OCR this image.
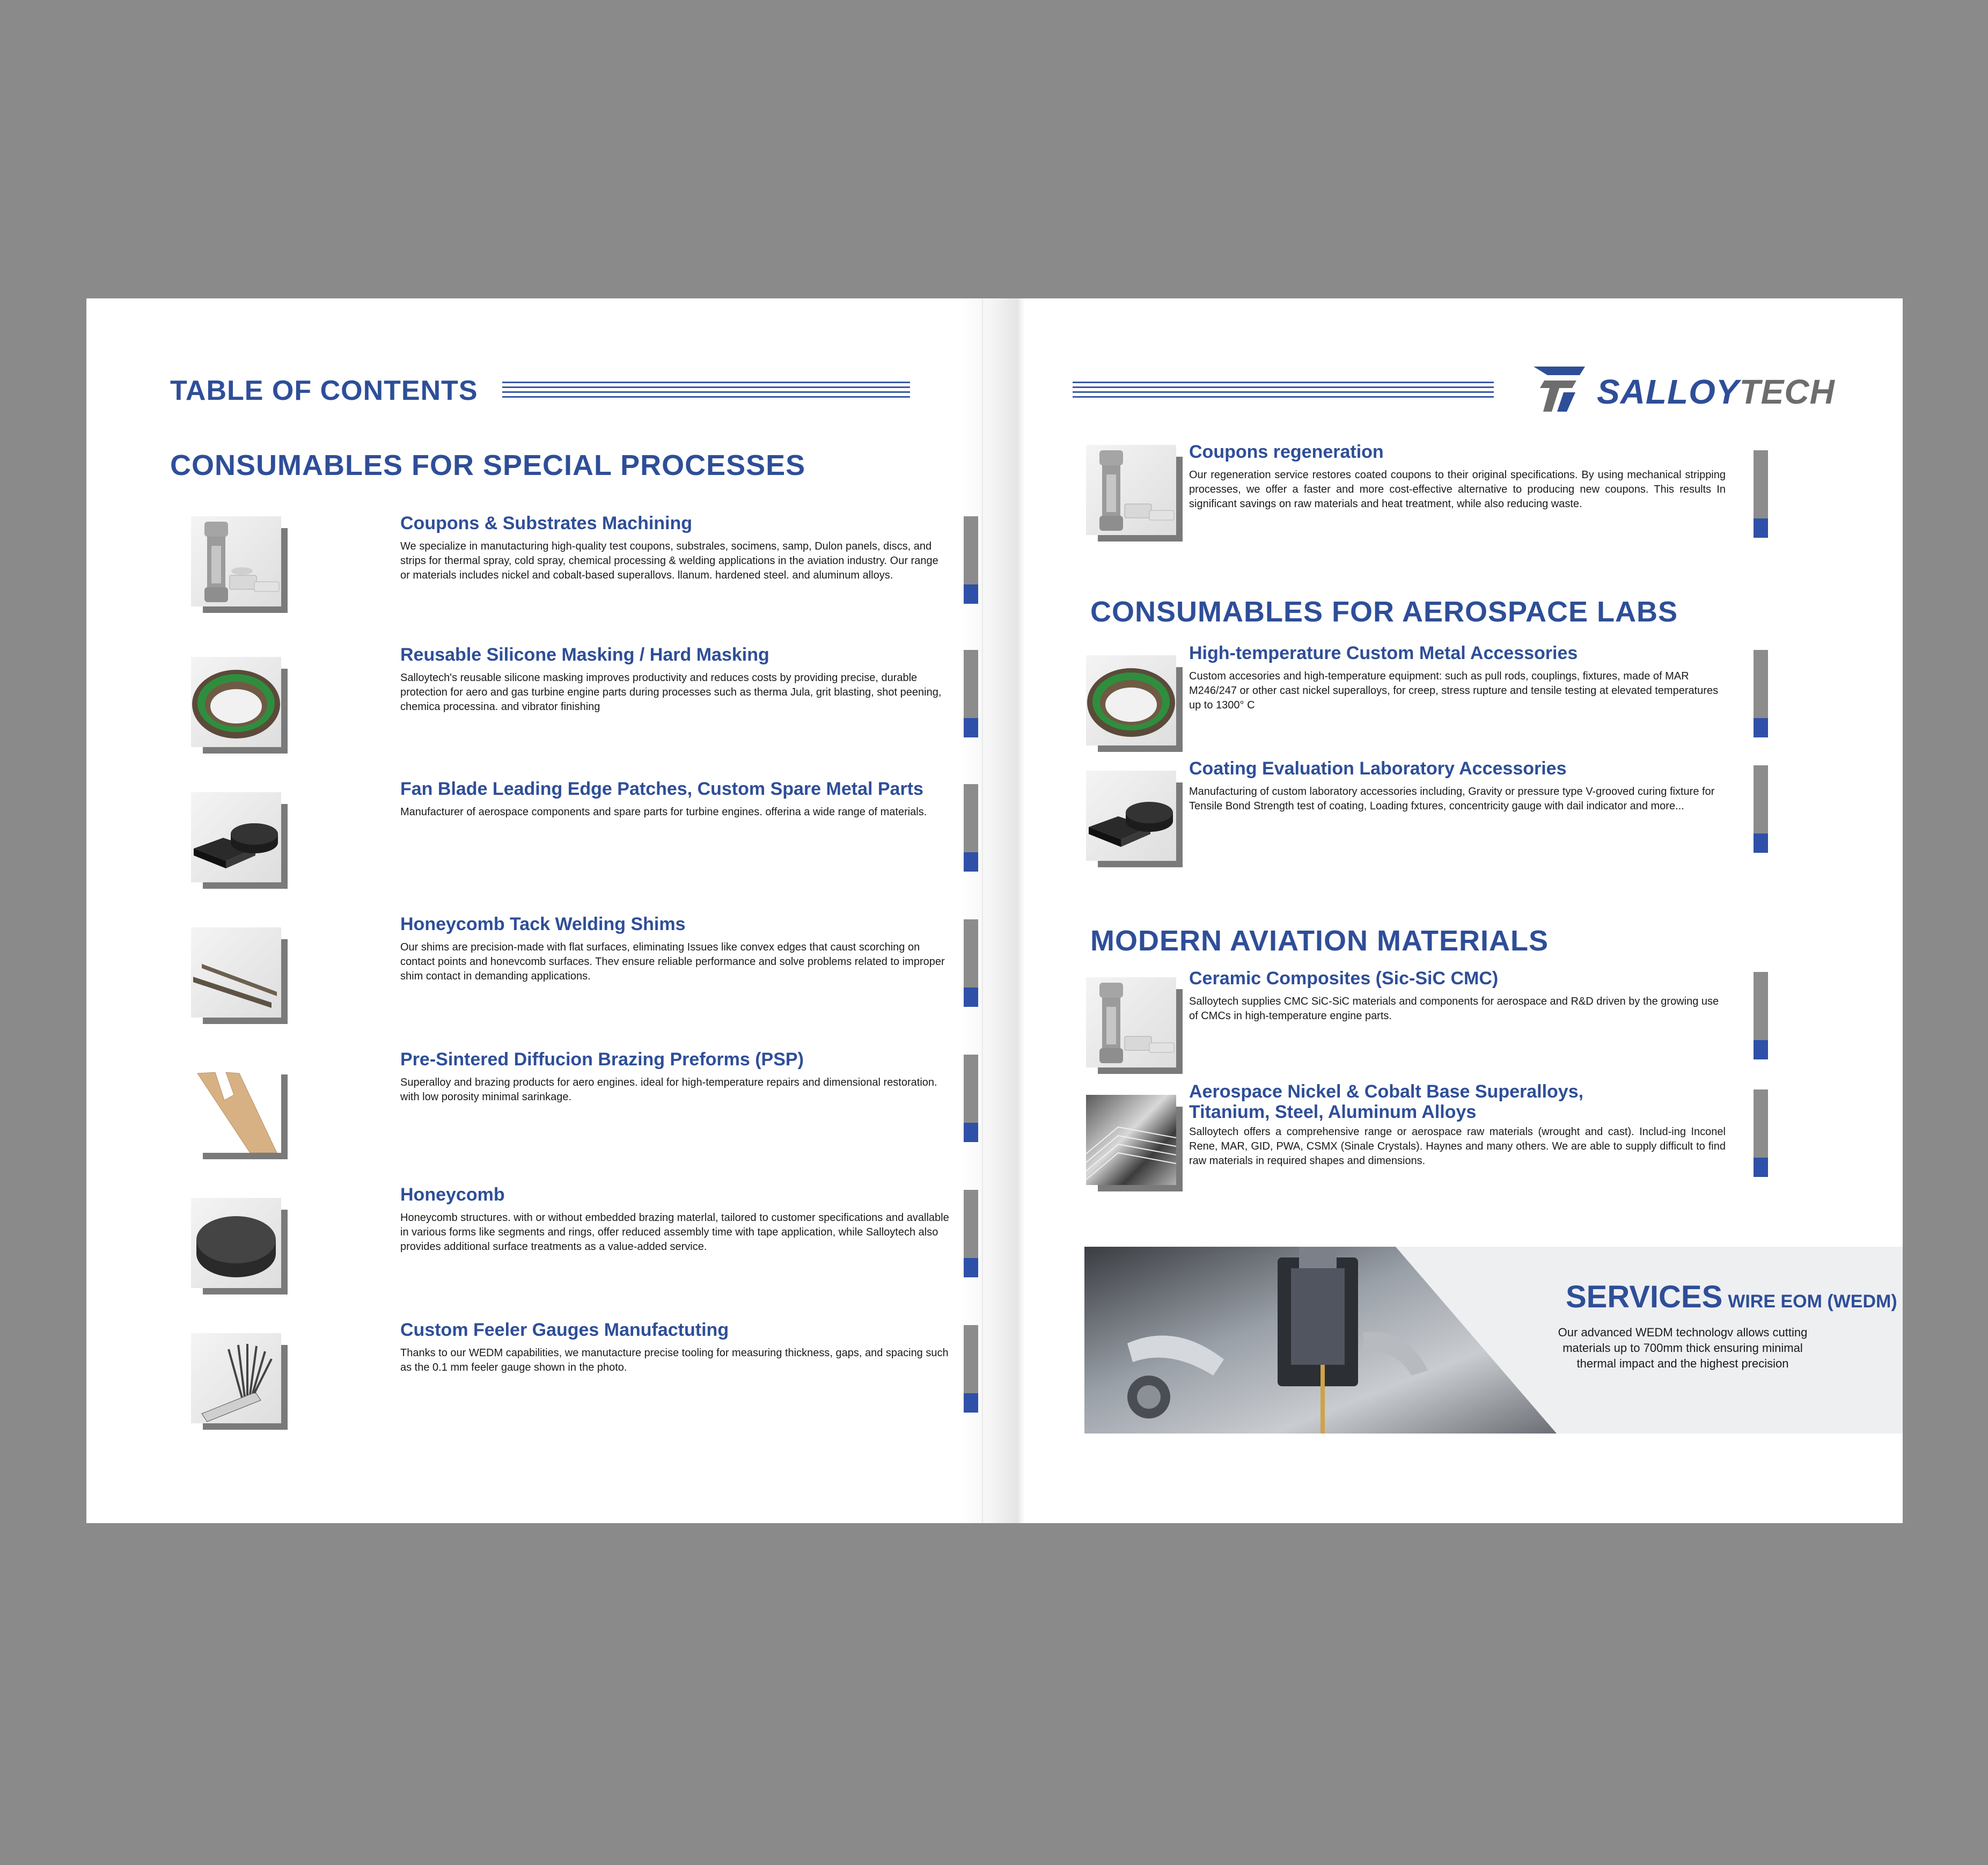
TABLE OF CONTENTS
CONSUMABLES FOR SPECIAL PROCESSES
Coupons & Substrates Machining
We specialize in manutacturing high-quality test coupons, substrales, socimens, samp, Dulon panels, discs, and strips for thermal spray, cold spray, chemical processing & welding applications in the aviation industry. Our range or materials includes nickel and cobalt-based superallovs. llanum. hardened steel. and aluminum alloys.
Reusable Silicone Masking / Hard Masking
Salloytech's reusable silicone masking improves productivity and reduces costs by providing precise, durable protection for aero and gas turbine engine parts during processes such as therma Jula, grit blasting, shot peening, chemica processina. and vibrator finishing
Fan Blade Leading Edge Patches, Custom Spare Metal Parts
Manufacturer of aerospace components and spare parts for turbine engines. offerina a wide range of materials.
Honeycomb Tack Welding Shims
Our shims are precision-made with flat surfaces, eliminating Issues like convex edges that caust scorching on contact points and honevcomb surfaces. Thev ensure reliable performance and solve problems related to improper shim contact in demanding applications.
Pre-Sintered Diffucion Brazing Preforms (PSP)
Superalloy and brazing products for aero engines. ideal for high-temperature repairs and dimensional restoration. with low porosity minimal sarinkage.
Honeycomb
Honeycomb structures. with or without embedded brazing materlal, tailored to customer specifications and avallable in various forms like segments and rings, offer reduced assembly time with tape application, while Salloytech also provides additional surface treatments as a value-added service.
Custom Feeler Gauges Manufactuting
Thanks to our WEDM capabilities, we manutacture precise tooling for measuring thickness, gaps, and spacing such as the 0.1 mm feeler gauge shown in the photo.
SALLOYTECH
Coupons regeneration
Our regeneration service restores coated coupons to their original specifications. By using mechanical stripping processes, we offer a faster and more cost-effective alternative to producing new coupons. This results In significant savings on raw materials and heat treatment, while also reducing waste.
CONSUMABLES FOR AEROSPACE LABS
High-temperature Custom Metal Accessories
Custom accesories and high-temperature equipment: such as pull rods, couplings, fixtures, made of MAR M246/247 or other cast nickel superalloys, for creep, stress rupture and tensile testing at elevated temperatures up to 1300° C
Coating Evaluation Laboratory Accessories
Manufacturing of custom laboratory accessories including, Gravity or pressure type V-grooved curing fixture for Tensile Bond Strength test of coating, Loading fxtures, concentricity gauge with dail indicator and more...
MODERN AVIATION MATERIALS
Ceramic Composites (Sic-SiC CMC)
Salloytech supplies CMC SiC-SiC materials and components for aerospace and R&D driven by the growing use of CMCs in high-temperature engine parts.
Aerospace Nickel & Cobalt Base Superalloys,
Titanium, Steel, Aluminum Alloys
Salloytech offers a comprehensive range or aerospace raw materials (wrought and cast). Includ-ing Inconel Rene, MAR, GID, PWA, CSMX (Sinale Crystals). Haynes and many others. We are able to supply difficult to find raw materials in required shapes and dimensions.
SERVICES WIRE EOM (WEDM)
Our advanced WEDM technologv allows cutting materials up to 700mm thick ensuring minimal thermal impact and the highest precision
